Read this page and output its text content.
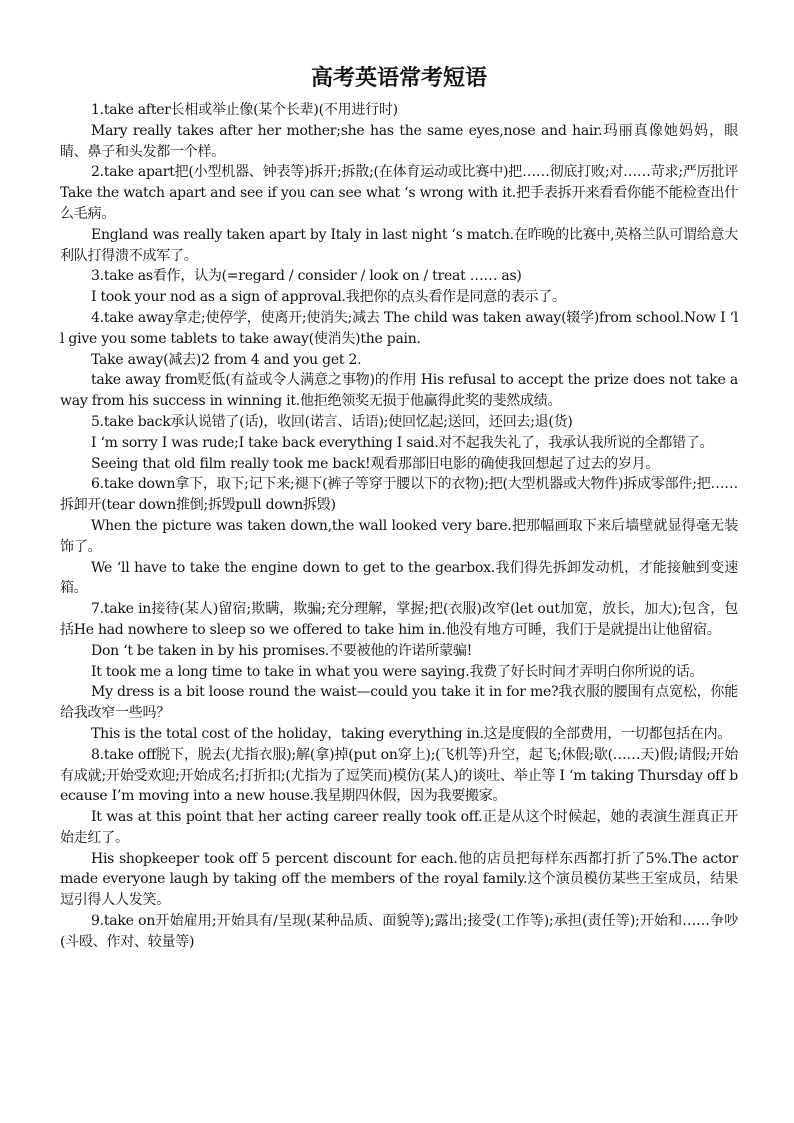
高考英语常考短语

1.take after长相或举止像(某个长辈)(不用进行时)

Mary really takes after her mother;she has the same eyes,nose and hair.玛丽真像她妈妈，眼睛、鼻子和头发都一个样。

2.take apart把(小型机器、钟表等)拆开;拆散;(在体育运动或比赛中)把……彻底打败;对……苛求;严厉批评 Take the watch apart and see if you can see what ‘s wrong with it.把手表拆开来看看你能不能检查出什么毛病。

England was really taken apart by Italy in last night ‘s match.在昨晚的比赛中,英格兰队可谓给意大利队打得溃不成军了。

3.take as看作，认为(=regard / consider / look on / treat …… as)

I took your nod as a sign of approval.我把你的点头看作是同意的表示了。

4.take away拿走;使停学，使离开;使消失;减去 The child was taken away(辍学)from school.Now I ‘ll give you some tablets to take away(使消失)the pain.

Take away(减去)2 from 4 and you get 2.

take away from贬低(有益或令人满意之事物)的作用 His refusal to accept the prize does not take away from his success in winning it.他拒绝领奖无损于他赢得此奖的斐然成绩。

5.take back承认说错了(话)，收回(诺言、话语);使回忆起;送回，还回去;退(货)

I ‘m sorry I was rude;I take back everything I said.对不起我失礼了，我承认我所说的全都错了。

Seeing that old film really took me back!观看那部旧电影的确使我回想起了过去的岁月。

6.take down拿下，取下;记下来;褪下(裤子等穿于腰以下的衣物);把(大型机器或大物件)拆成零部件;把……拆卸开(tear down推倒;拆毁pull down拆毁)

When the picture was taken down,the wall looked very bare.把那幅画取下来后墙壁就显得毫无装饰了。

We ‘ll have to take the engine down to get to the gearbox.我们得先拆卸发动机，才能接触到变速箱。

7.take in接待(某人)留宿;欺瞒，欺骗;充分理解，掌握;把(衣服)改窄(let out加宽，放长，加大);包含，包括He had nowhere to sleep so we offered to take him in.他没有地方可睡，我们于是就提出让他留宿。

Don ‘t be taken in by his promises.不要被他的许诺所蒙骗!

It took me a long time to take in what you were saying.我费了好长时间才弄明白你所说的话。

My dress is a bit loose round the waist—could you take it in for me?我衣服的腰围有点宽松，你能给我改窄一些吗？

This is the total cost of the holiday，taking everything in.这是度假的全部费用，一切都包括在内。

8.take off脱下，脱去(尤指衣服);解(拿)掉(put on穿上);(飞机等)升空，起飞;休假;歇(……天)假;请假;开始有成就;开始受欢迎;开始成名;打折扣;(尤指为了逗笑而)模仿(某人)的谈吐、举止等 I ‘m taking Thursday off because I’m moving into a new house.我星期四休假，因为我要搬家。

It was at this point that her acting career really took off.正是从这个时候起，她的表演生涯真正开始走红了。

His shopkeeper took off 5 percent discount for each.他的店员把每样东西都打折了5%.The actor made everyone laugh by taking off the members of the royal family.这个演员模仿某些王室成员，结果逗引得人人发笑。

9.take on开始雇用;开始具有/呈现(某种品质、面貌等);露出;接受(工作等);承担(责任等);开始和……争吵(斗殴、作对、较量等)
